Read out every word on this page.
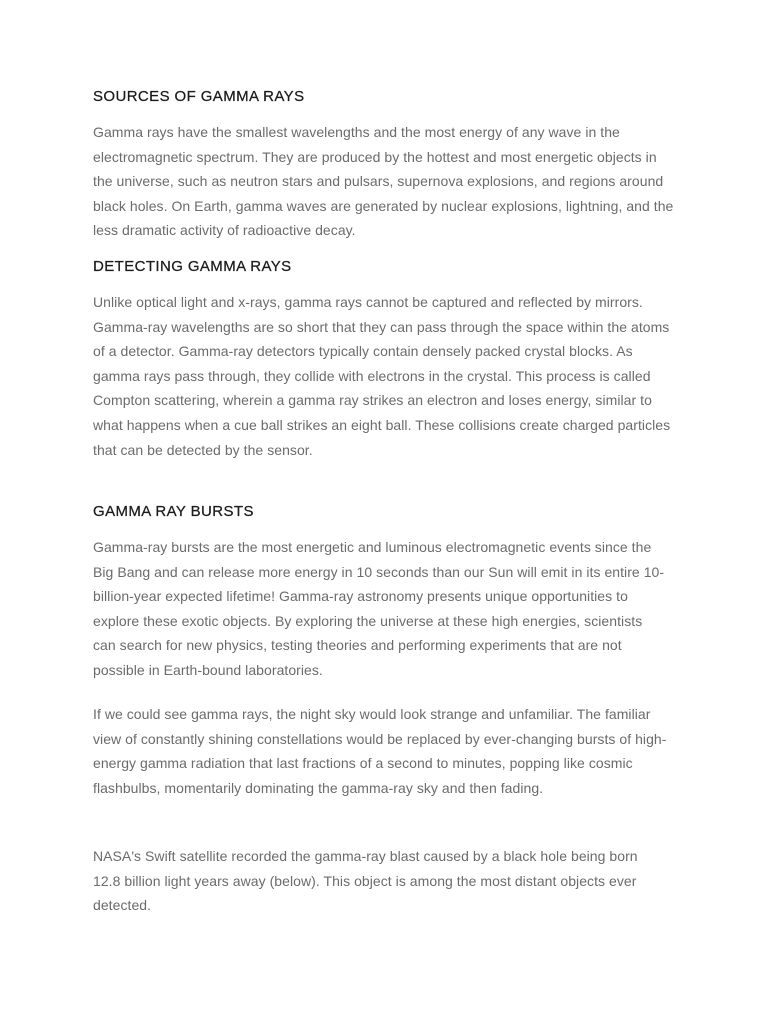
SOURCES OF GAMMA RAYS

Gamma rays have the smallest wavelengths and the most energy of any wave in the electromagnetic spectrum. They are produced by the hottest and most energetic objects in the universe, such as neutron stars and pulsars, supernova explosions, and regions around black holes. On Earth, gamma waves are generated by nuclear explosions, lightning, and the less dramatic activity of radioactive decay.

DETECTING GAMMA RAYS

Unlike optical light and x-rays, gamma rays cannot be captured and reflected by mirrors. Gamma-ray wavelengths are so short that they can pass through the space within the atoms of a detector. Gamma-ray detectors typically contain densely packed crystal blocks. As gamma rays pass through, they collide with electrons in the crystal. This process is called Compton scattering, wherein a gamma ray strikes an electron and loses energy, similar to what happens when a cue ball strikes an eight ball. These collisions create charged particles that can be detected by the sensor.

GAMMA RAY BURSTS

Gamma-ray bursts are the most energetic and luminous electromagnetic events since the Big Bang and can release more energy in 10 seconds than our Sun will emit in its entire 10-billion-year expected lifetime! Gamma-ray astronomy presents unique opportunities to explore these exotic objects. By exploring the universe at these high energies, scientists can search for new physics, testing theories and performing experiments that are not possible in Earth-bound laboratories.

If we could see gamma rays, the night sky would look strange and unfamiliar. The familiar view of constantly shining constellations would be replaced by ever-changing bursts of high-energy gamma radiation that last fractions of a second to minutes, popping like cosmic flashbulbs, momentarily dominating the gamma-ray sky and then fading.

NASA's Swift satellite recorded the gamma-ray blast caused by a black hole being born 12.8 billion light years away (below). This object is among the most distant objects ever detected.
